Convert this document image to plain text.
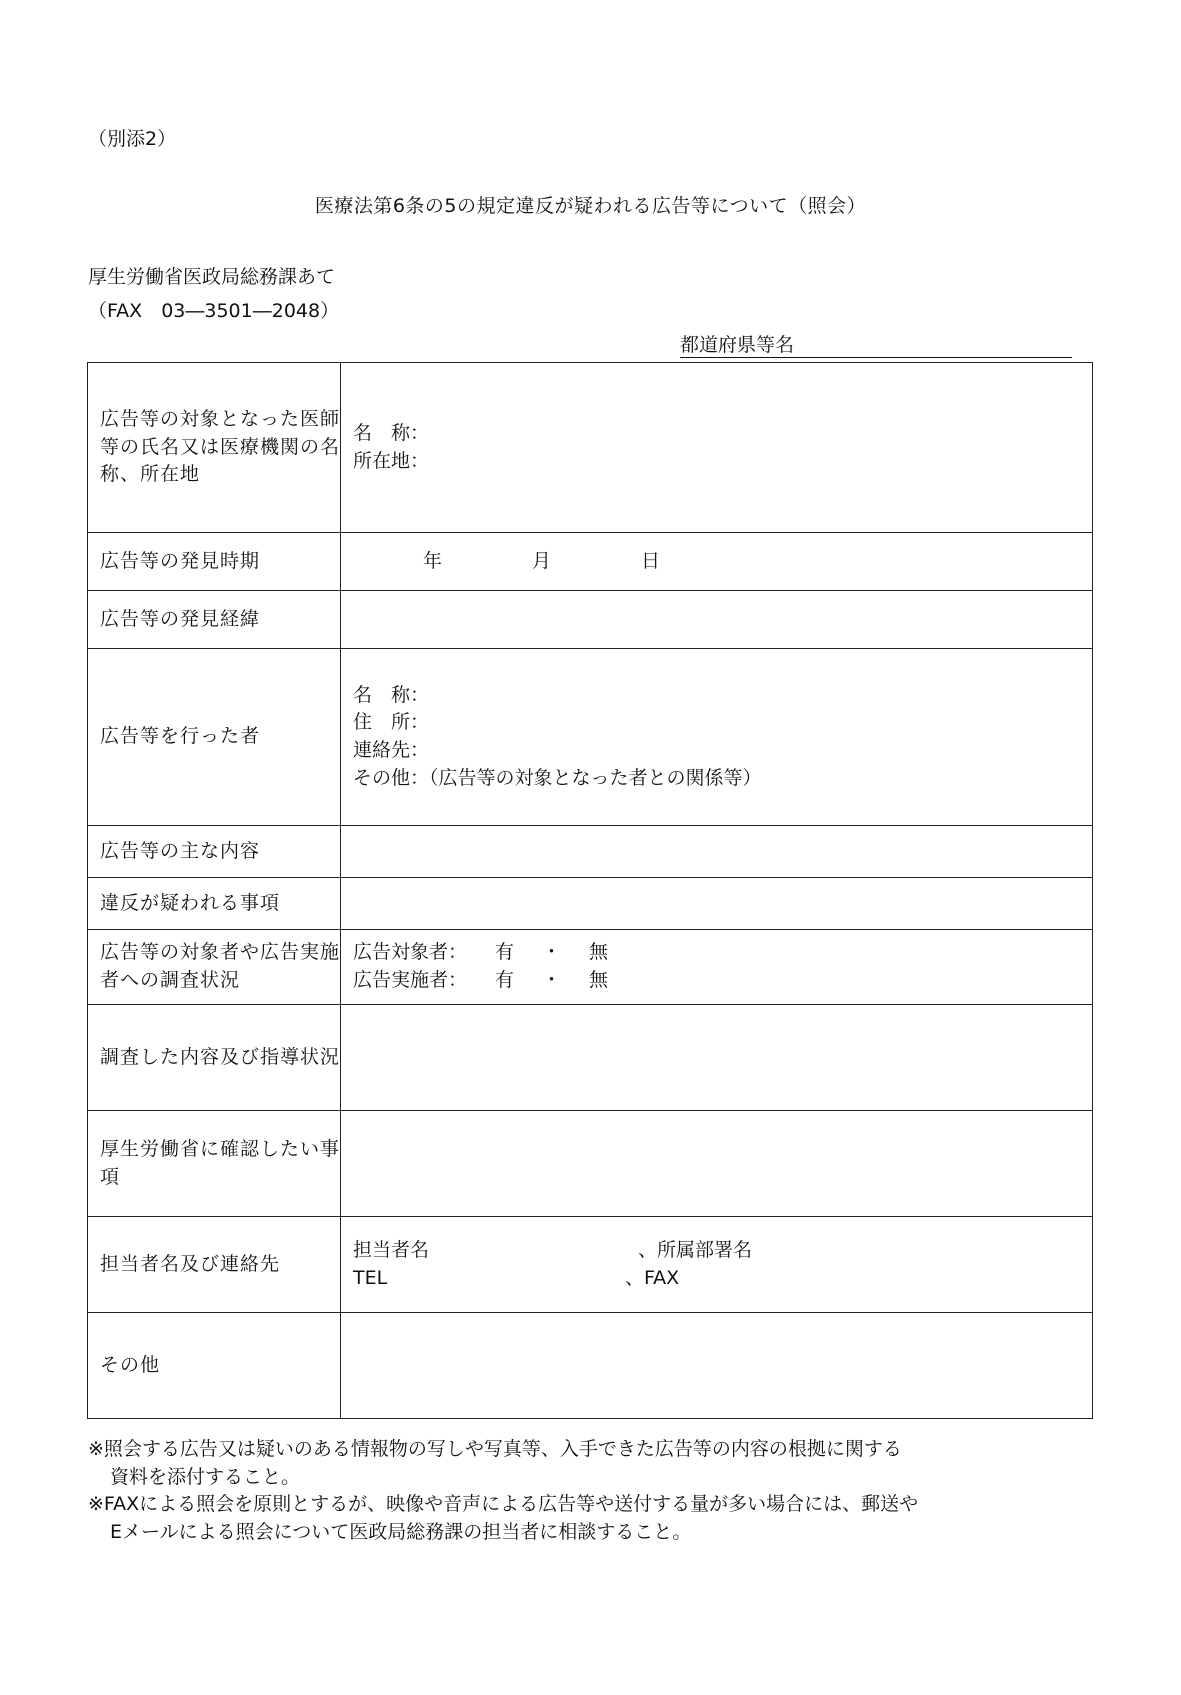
（別添2）
医療法第6条の5の規定違反が疑われる広告等について（照会）
厚生労働省医政局総務課あて
（FAX　03―3501―2048）
都道府県等名
広告等の対象となった医師等の氏名又は医療機関の名称、所在地	名　称：
所在地：

広告等の発見時期	年 月 日
広告等の発見経緯	
広告等を行った者	名　称：
住　所：
連絡先：
その他：（広告等の対象となった者との関係等）

広告等の主な内容	
違反が疑われる事項	
広告等の対象者や広告実施者への調査状況	広告対象者： 有 ・ 無
広告実施者： 有 ・ 無

調査した内容及び指導状況	
厚生労働省に確認したい事項	
担当者名及び連絡先	担当者名 、所属部署名
TEL 、FAX

その他	
※照会する広告又は疑いのある情報物の写しや写真等、入手できた広告等の内容の根拠に関する
資料を添付すること。
※FAXによる照会を原則とするが、映像や音声による広告等や送付する量が多い場合には、郵送や
Eメールによる照会について医政局総務課の担当者に相談すること。
